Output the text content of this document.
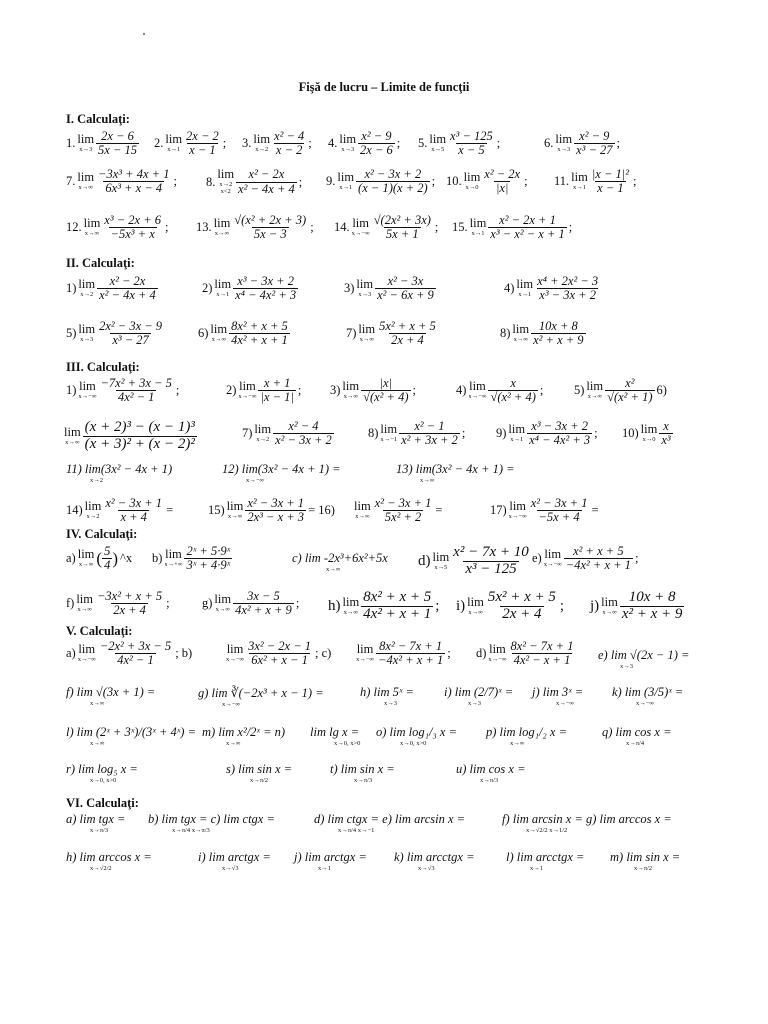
Fişă de lucru – Limite de funcţii
I. Calculaţi:
II. Calculaţi:
III. Calculaţi:
IV. Calculaţi:
V. Calculaţi:
VI. Calculaţi:
1. lim
$x\to 3 \frac{2x - 6}{5x - 15} 2$. lim
$x\to 1 \frac{2x - 2}{x - 1}$ ; 3. lim
$x\to 2 \frac{\text{x² − 4}}{x - 2}$ ; 4. lim
$x\to 3 \frac{\text{x² − 9}}{2x - 6}$ ; 5. lim
$x\to 5 \frac{\text{x³ − 125}}{x - 5}$ ;	6. lim
$x\to 3 \frac{\text{x² − 9}}{\text{x³ − 27}}$ ;
7. lim
$x\to\infty \frac{\text{−3x³ + 4x + 1}}{\text{6x³ + x − 4}}$ ; 8.
lim
x→2
$x<2 \frac{\text{x² − 2x}}{\text{x² − 4x + 4}}$ ; 9. lim
$x\to 1 \frac{\text{x² − 3x + 2}}{(x - 1)(x + 2)}$ ; 10. lim
$x\to 0 \frac{\text{x² − 2x}}{|x|}$ ; 11. lim
$x\to 1 \frac{\text{|x − 1|²}}{x - 1}$ ;
12. lim
$x\to\infty \frac{\text{x³ − 2x + 6}}{\text{−5x³ + x}}$ ; 13. lim
$x\to\infty \frac{\text{√(x² + 2x + 3)}}{5x - 3}$ ; 14. lim
$x\to-\infty \frac{\text{√(2x² + 3x)}}{5x + 1}$ ; 15. lim
$x\to 1 \frac{\text{x² − 2x + 1}}{\text{x³ − x² − x + 1}}$ ;
1) lim
$x\to 2 \frac{\text{x² − 2x}}{\text{x² − 4x + 4}}$	2) lim
$x\to 1 \frac{\text{x³ − 3x + 2}}{\text{x⁴ − 4x² + 3}}$	3) lim
$x\to 3 \frac{\text{x² − 3x}}{\text{x² − 6x + 9}}$	4) lim
$x\to 1 \frac{\text{x⁴ + 2x² − 3}}{\text{x³ − 3x + 2}}$
5) lim
$x\to 3 \frac{\text{2x² − 3x − 9}}{\text{x³ − 27}}$	6) lim
$x\to\infty \frac{\text{8x² + x + 5}}{\text{4x² + x + 1}}$	7) lim
$x\to\infty \frac{\text{5x² + x + 5}}{2x + 4}$	8) lim
$x\to\infty \frac{10x + 8}{\text{x² + x + 9}}$
1) lim
$x\to-\infty \frac{\text{−7x² + 3x − 5}}{\text{4x² − 1}}$ ;	2) lim
$x\to-\infty \frac{x + 1}{|x - 1|}$ ; 3) lim
$x\to\infty \frac{|x|}{\text{√(x² + 4)}}$ ;	4) lim
$x\to-\infty \frac{x}{\text{√(x² + 4)}}$ ; 5) lim
$x\to\infty \frac{\text{x²}}{\text{√(x² + 1)}} 6$)
lim
$x\to\infty \frac{\text{(x + 2)³ − (x − 1)³}}{\text{(x + 3)² + (x − 2)²}}$	7) lim
$x\to 2 \frac{\text{x² − 4}}{\text{x² − 3x + 2}}$	8) lim
$x\to-1 \frac{\text{x² − 1}}{\text{x² + 3x + 2}}$ ; 9) lim
$x\to 1 \frac{\text{x³ − 3x + 2}}{\text{x⁴ − 4x² + 3}}$ ; 10) lim
$x\to 0 \frac{x}{\text{x³}}$
14) lim
$x\to 2 \frac{\text{x² − 3x + 1}}{x + 4}$ =	15) lim
$x\to\infty \frac{\text{x² − 3x + 1}}{\text{2x³ − x + 3}} = 16$) lim
$x\to\infty \frac{\text{x² − 3x + 1}}{\text{5x² + 2}}$ =	17) lim
$x\to-\infty \frac{\text{x² − 3x + 1}}{-5x + 4}$ =
a) lim
x→∞ ( $\frac{5}{4}$ ) ^x b) lim
$x\to+\infty \frac{\text{2ˣ + 5·9ˣ}}{\text{3ˣ + 4·9ˣ}}$	d) lim
$x\to 5 \frac{\text{x² − 7x + 10}}{\text{x³ − 125}} e$) lim
$x\to-\infty \frac{\text{x² + x + 5}}{\text{−4x² + x + 1}}$ ;
f) lim
$x\to\infty \frac{\text{−3x² + x + 5}}{2x + 4}$ ;	g) lim
$x\to\infty \frac{3x - 5}{\text{4x² + x + 9}}$ ; h) lim
$x\to\infty \frac{\text{8x² + x + 5}}{\text{4x² + x + 1}}$ ; i) lim
$x\to\infty \frac{\text{5x² + x + 5}}{2x + 4}$ ; j) lim
$x\to\infty \frac{10x + 8}{\text{x² + x + 9}}$
a) lim
$x\to-\infty \frac{\text{−2x² + 3x − 5}}{\text{4x² − 1}}$ ; b)	lim
$x\to-\infty \frac{\text{3x² − 2x − 1}}{\text{6x² + x − 1}}$ ; c) lim
$x\to-\infty \frac{\text{8x² − 7x + 1}}{\text{−4x² + x + 1}}$ ; d) lim
$x\to-\infty \frac{\text{8x² − 7x + 1}}{\text{4x² − x + 1}}$
11) lim(3x² − 4x + 1)
x→2
12) lim(3x² − 4x + 1) =
x→−∞
13) lim(3x² − 4x + 1) =
x→∞
f) lim √(3x + 1) =
x→∞
g) lim ∛(−2x³ + x − 1) =
x→−∞
h) lim 5ˣ =
x→3
i) lim (2/7)ˣ =
x→3
j) lim 3ˣ =
x→−∞
k) lim (3/5)ˣ =
x→−∞
l) lim (2ˣ + 3ˣ)/(3ˣ + 4ˣ) =
x→∞
m) lim x²/2ˣ = n)
x→∞
lim lg x =
x→0, x>0
o) lim log₁/₃ x =
x→0, x>0
p) lim log₁/₂ x =
x→∞
q) lim cos x =
x→π/4
r) lim log₅ x =
x→0, x>0
s) lim sin x =
x→π/2
t) lim sin x =
x→π/3
u) lim cos x =
x→π/3
a) lim tgx =
x→π/3
b) lim tgx = c) lim ctgx =
x→π/4 x→π/3
d) lim ctgx = e) lim arcsin x =
x→π/4 x→−1
f) lim arcsin x = g) lim arccos x =
x→√2/2 x→1/2
h) lim arccos x =
x→√2/2
i) lim arctgx =
x→√3
j) lim arctgx =
x→1
k) lim arcctgx =
x→√3
l) lim arcctgx =
x→1
m) lim sin x =
x→π/2
c) lim -2x³+6x²+5x
x→∞
e) lim √(2x − 1) =
x→3
